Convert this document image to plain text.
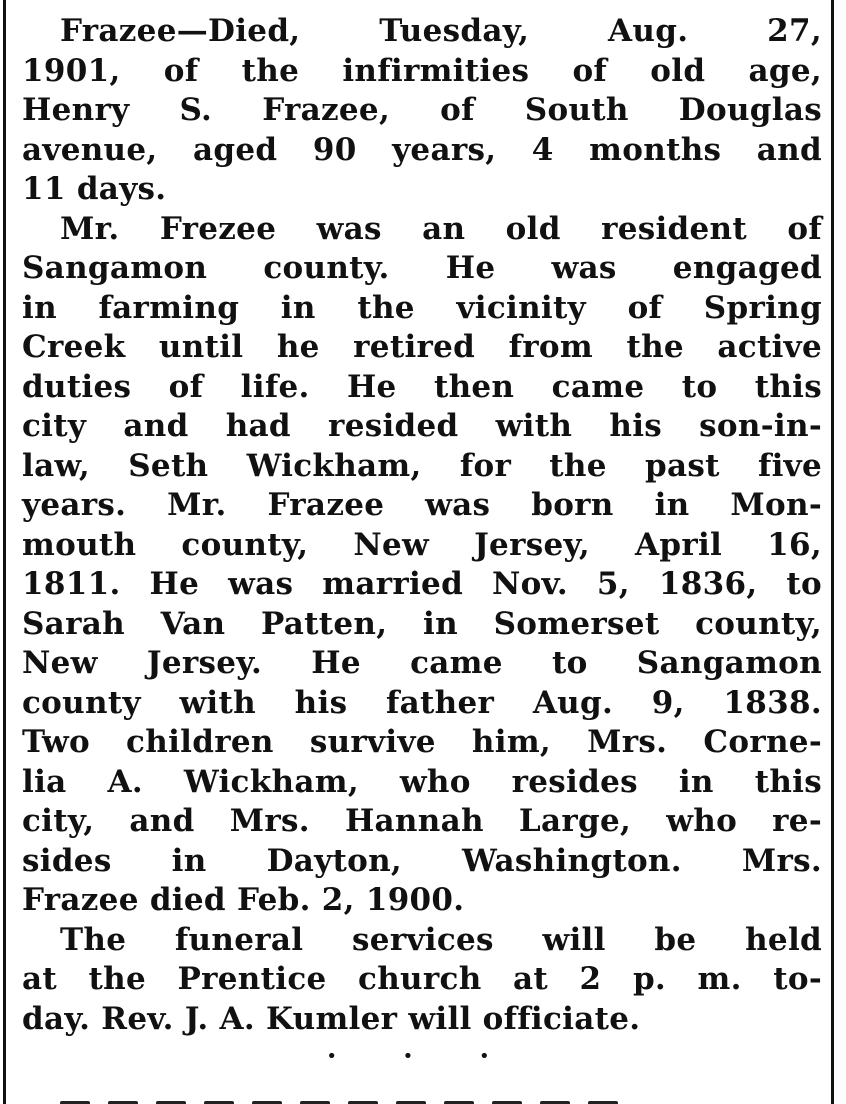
Frazee—Died, Tuesday, Aug. 27,
1901, of the infirmities of old age,
Henry S. Frazee, of South Douglas
avenue, aged 90 years, 4 months and
11 days.

Mr. Frezee was an old resident of
Sangamon county. He was engaged
in farming in the vicinity of Spring
Creek until he retired from the active
duties of life. He then came to this
city and had resided with his son-in-
law, Seth Wickham, for the past five
years. Mr. Frazee was born in Mon-
mouth county, New Jersey, April 16,
1811. He was married Nov. 5, 1836, to
Sarah Van Patten, in Somerset county,
New Jersey. He came to Sangamon
county with his father Aug. 9, 1838.
Two children survive him, Mrs. Corne-
lia A. Wickham, who resides in this
city, and Mrs. Hannah Large, who re-
sides in Dayton, Washington. Mrs.
Frazee died Feb. 2, 1900.

The funeral services will be held
at the Prentice church at 2 p. m. to-
day. Rev. J. A. Kumler will officiate.

• • •
